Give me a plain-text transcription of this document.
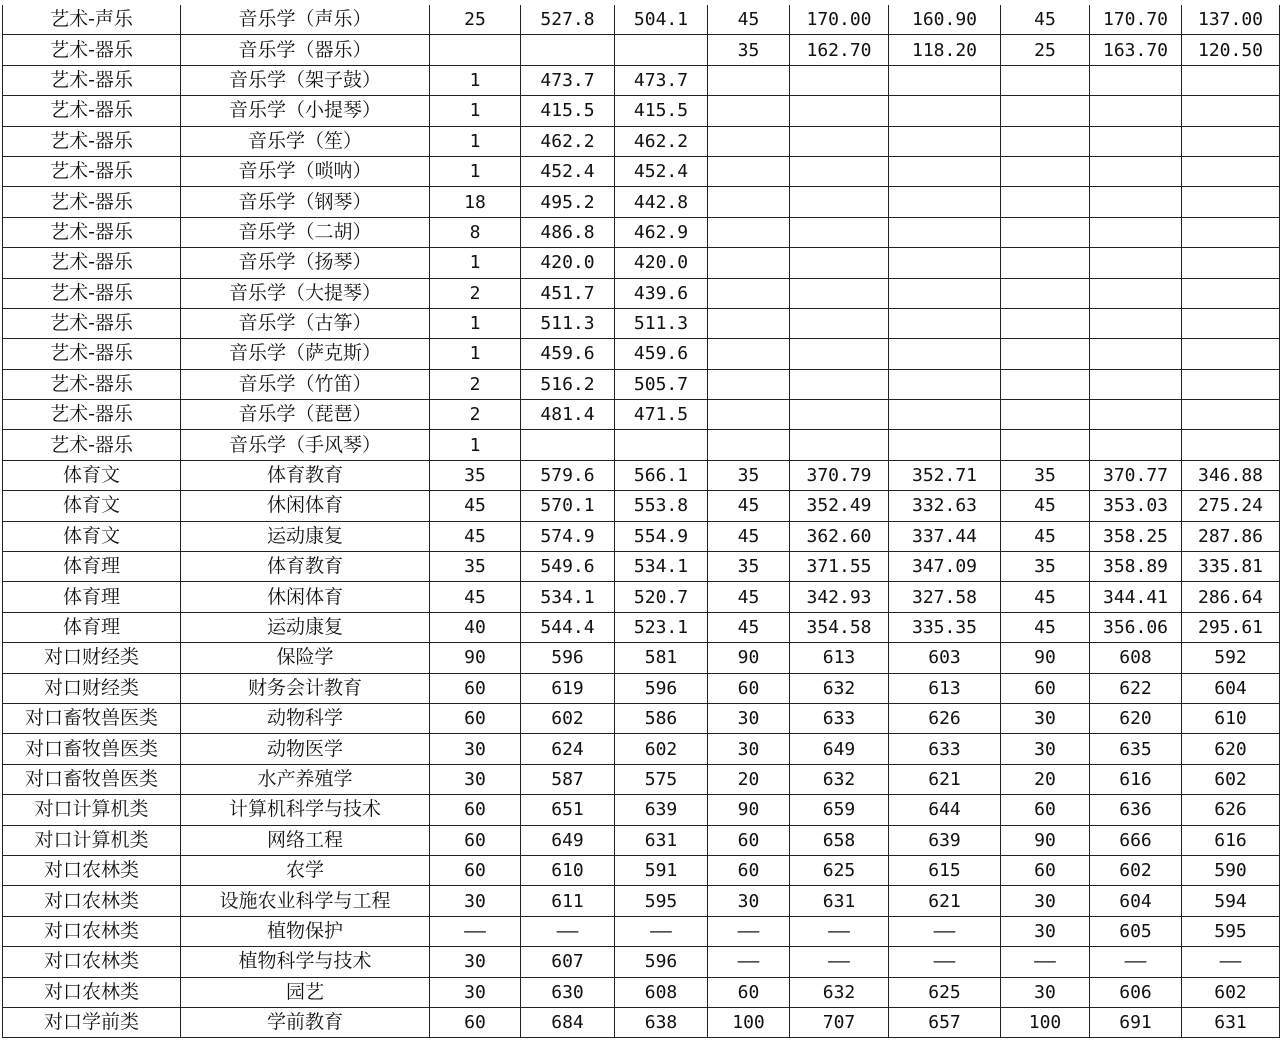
艺术-声乐	音乐学（声乐）	25	527.8	504.1	45	170.00	160.90	45	170.70	137.00
艺术-器乐	音乐学（器乐）				35	162.70	118.20	25	163.70	120.50
艺术-器乐	音乐学（架子鼓）	1	473.7	473.7						
艺术-器乐	音乐学（小提琴）	1	415.5	415.5						
艺术-器乐	音乐学（笙）	1	462.2	462.2						
艺术-器乐	音乐学（唢呐）	1	452.4	452.4						
艺术-器乐	音乐学（钢琴）	18	495.2	442.8						
艺术-器乐	音乐学（二胡）	8	486.8	462.9						
艺术-器乐	音乐学（扬琴）	1	420.0	420.0						
艺术-器乐	音乐学（大提琴）	2	451.7	439.6						
艺术-器乐	音乐学（古筝）	1	511.3	511.3						
艺术-器乐	音乐学（萨克斯）	1	459.6	459.6						
艺术-器乐	音乐学（竹笛）	2	516.2	505.7						
艺术-器乐	音乐学（琵琶）	2	481.4	471.5						
艺术-器乐	音乐学（手风琴）	1								
体育文	体育教育	35	579.6	566.1	35	370.79	352.71	35	370.77	346.88
体育文	休闲体育	45	570.1	553.8	45	352.49	332.63	45	353.03	275.24
体育文	运动康复	45	574.9	554.9	45	362.60	337.44	45	358.25	287.86
体育理	体育教育	35	549.6	534.1	35	371.55	347.09	35	358.89	335.81
体育理	休闲体育	45	534.1	520.7	45	342.93	327.58	45	344.41	286.64
体育理	运动康复	40	544.4	523.1	45	354.58	335.35	45	356.06	295.61
对口财经类	保险学	90	596	581	90	613	603	90	608	592
对口财经类	财务会计教育	60	619	596	60	632	613	60	622	604
对口畜牧兽医类	动物科学	60	602	586	30	633	626	30	620	610
对口畜牧兽医类	动物医学	30	624	602	30	649	633	30	635	620
对口畜牧兽医类	水产养殖学	30	587	575	20	632	621	20	616	602
对口计算机类	计算机科学与技术	60	651	639	90	659	644	60	636	626
对口计算机类	网络工程	60	649	631	60	658	639	90	666	616
对口农林类	农学	60	610	591	60	625	615	60	602	590
对口农林类	设施农业科学与工程	30	611	595	30	631	621	30	604	594
对口农林类	植物保护	——	——	——	——	——	——	30	605	595
对口农林类	植物科学与技术	30	607	596	——	——	——	——	——	——
对口农林类	园艺	30	630	608	60	632	625	30	606	602
对口学前类	学前教育	60	684	638	100	707	657	100	691	631
